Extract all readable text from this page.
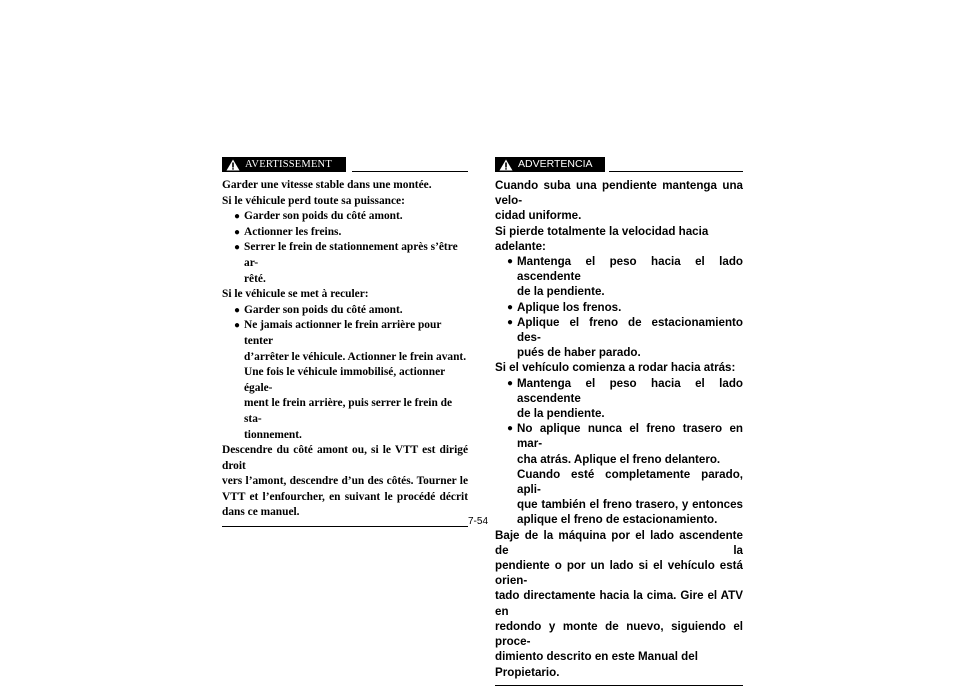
AVERTISSEMENT

Garder une vitesse stable dans une montée.

Si le véhicule perd toute sa puissance:

● Garder son poids du côté amont.
● Actionner les freins.
● Serrer le frein de stationnement après s’être ar-
rêté.

Si le véhicule se met à reculer:

● Garder son poids du côté amont.
● Ne jamais actionner le frein arrière pour tenter
d’arrêter le véhicule. Actionner le frein avant.
Une fois le véhicule immobilisé, actionner égale-
ment le frein arrière, puis serrer le frein de sta-
tionnement.

Descendre du côté amont ou, si le VTT est dirigé droit

vers l’amont, descendre d’un des côtés. Tourner le

VTT et l’enfourcher, en suivant le procédé décrit

dans ce manuel.

ADVERTENCIA

Cuando suba una pendiente mantenga una velo-

cidad uniforme.

Si pierde totalmente la velocidad hacia adelante:

● Mantenga el peso hacia el lado ascendente
de la pendiente.
● Aplique los frenos.
● Aplique el freno de estacionamiento des-
pués de haber parado.

Si el vehículo comienza a rodar hacia atrás:

● Mantenga el peso hacia el lado ascendente
de la pendiente.
● No aplique nunca el freno trasero en mar-
cha atrás. Aplique el freno delantero.
Cuando esté completamente parado, apli-
que también el freno trasero, y entonces
aplique el freno de estacionamiento.

Baje de la máquina por el lado ascendente de la

pendiente o por un lado si el vehículo está orien-

tado directamente hacia la cima. Gire el ATV en

redondo y monte de nuevo, siguiendo el proce-

dimiento descrito en este Manual del Propietario.

7-54
